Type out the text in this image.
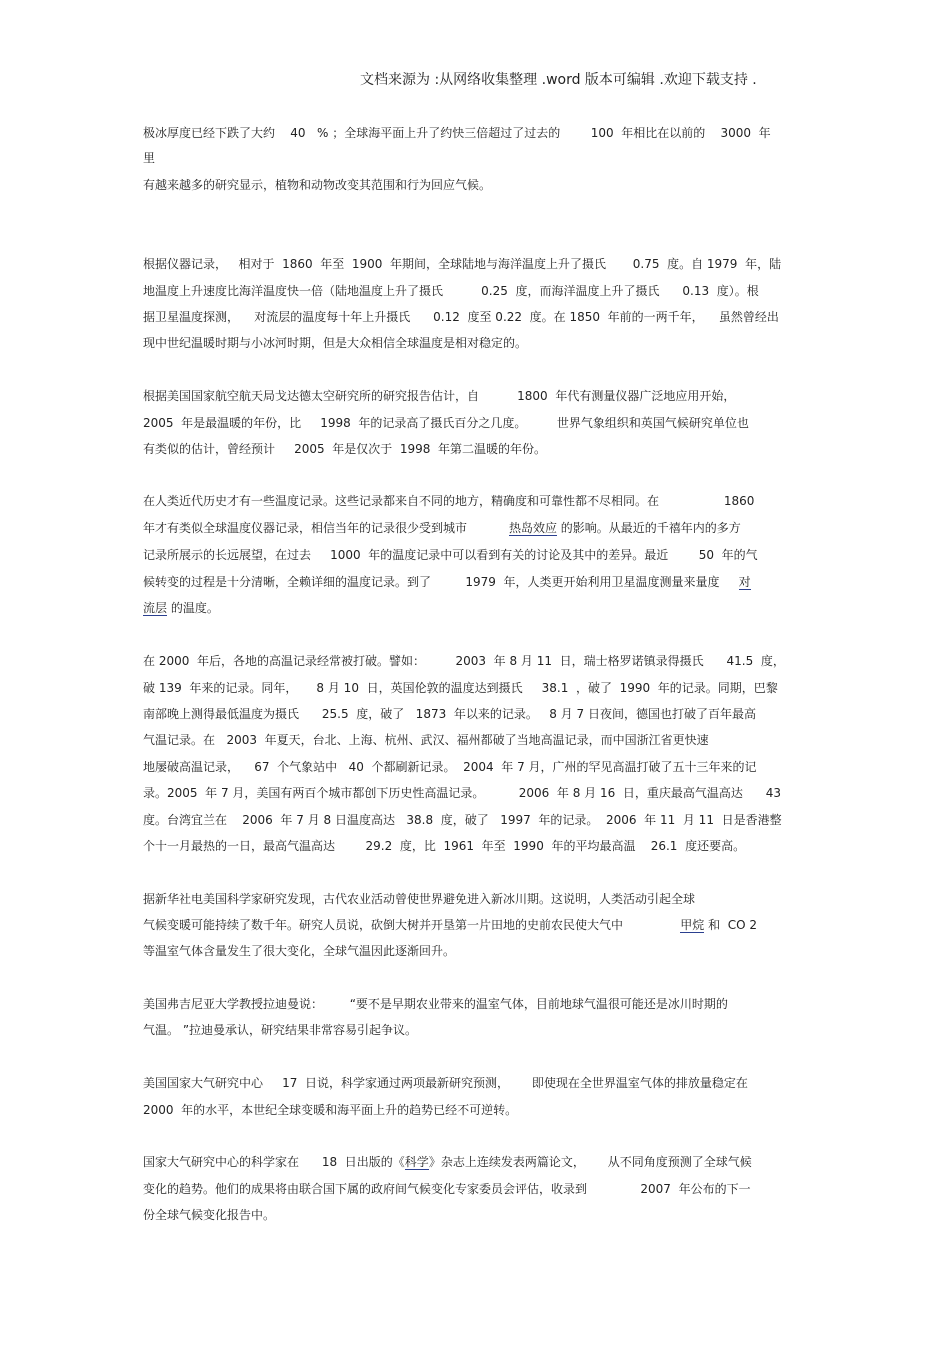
文档来源为 :从网络收集整理 .word 版本可编辑 .欢迎下载支持 .
极冰厚度已经下跌了大约    40   % ；全球海平面上升了约快三倍超过了过去的        100  年相比在以前的    3000  年
里
有越来越多的研究显示，植物和动物改变其范围和行为回应气候。
根据仪器记录，   相对于  1860  年至  1900  年期间，全球陆地与海洋温度上升了摄氏       0.75  度。自 1979  年，陆
地温度上升速度比海洋温度快一倍（陆地温度上升了摄氏          0.25  度，而海洋温度上升了摄氏      0.13  度）。根
据卫星温度探测，    对流层的温度每十年上升摄氏      0.12  度至 0.22  度。在 1850  年前的一两千年，    虽然曾经出
现中世纪温暖时期与小冰河时期，但是大众相信全球温度是相对稳定的。
根据美国国家航空航天局戈达德太空研究所的研究报告估计，自          1800  年代有测量仪器广泛地应用开始，
2005  年是最温暖的年份，比     1998  年的记录高了摄氏百分之几度。        世界气象组织和英国气候研究单位也
有类似的估计，曾经预计     2005  年是仅次于  1998  年第二温暖的年份。
在人类近代历史才有一些温度记录。这些记录都来自不同的地方，精确度和可靠性都不尽相同。在                 1860
年才有类似全球温度仪器记录，相信当年的记录很少受到城市           热岛效应 的影响。从最近的千禧年内的多方
记录所展示的长远展望，在过去     1000  年的温度记录中可以看到有关的讨论及其中的差异。最近        50  年的气
候转变的过程是十分清晰，全赖详细的温度记录。到了         1979  年，人类更开始利用卫星温度测量来量度     对
流层 的温度。
在 2000  年后，各地的高温记录经常被打破。譬如：        2003  年 8 月 11  日，瑞士格罗诺镇录得摄氏      41.5  度，
破 139  年来的记录。同年，     8 月 10  日，英国伦敦的温度达到摄氏     38.1  ，破了  1990  年的记录。同期，巴黎
南部晚上测得最低温度为摄氏      25.5  度，破了   1873  年以来的记录。   8 月 7 日夜间，德国也打破了百年最高
气温记录。在   2003  年夏天，台北、上海、杭州、武汉、福州都破了当地高温记录，而中国浙江省更快速
地屡破高温记录，    67  个气象站中   40  个都刷新记录。  2004  年 7 月，广州的罕见高温打破了五十三年来的记
录。2005  年 7 月，美国有两百个城市都创下历史性高温记录。         2006  年 8 月 16  日，重庆最高气温高达      43
度。台湾宜兰在    2006  年 7 月 8 日温度高达   38.8  度，破了   1997  年的记录。  2006  年 11  月 11  日是香港整
个十一月最热的一日，最高气温高达        29.2  度，比  1961  年至  1990  年的平均最高温    26.1  度还要高。
据新华社电美国科学家研究发现，古代农业活动曾使世界避免进入新冰川期。这说明，人类活动引起全球
气候变暖可能持续了数千年。研究人员说，砍倒大树并开垦第一片田地的史前农民使大气中               甲烷 和  CO 2
等温室气体含量发生了很大变化，全球气温因此逐渐回升。
美国弗吉尼亚大学教授拉迪曼说：       “要不是早期农业带来的温室气体，目前地球气温很可能还是冰川时期的
气温。 ”拉迪曼承认，研究结果非常容易引起争议。
美国国家大气研究中心     17  日说，科学家通过两项最新研究预测，      即使现在全世界温室气体的排放量稳定在
2000  年的水平，本世纪全球变暖和海平面上升的趋势已经不可逆转。
国家大气研究中心的科学家在      18  日出版的《科学》杂志上连续发表两篇论文，      从不同角度预测了全球气候
变化的趋势。他们的成果将由联合国下属的政府间气候变化专家委员会评估，收录到              2007  年公布的下一
份全球气候变化报告中。
